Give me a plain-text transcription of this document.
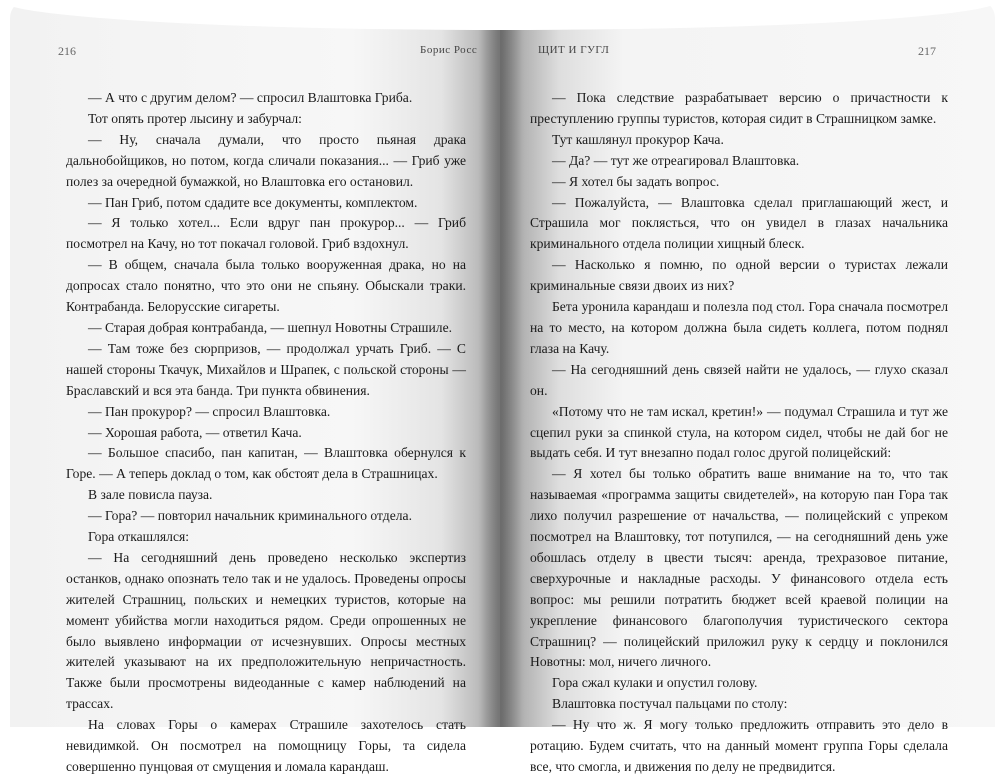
216	Борис Росс

— А что с другим делом? — спросил Влаштовка Гриба.

Тот опять протер лысину и забурчал:

— Ну, сначала думали, что просто пьяная драка дальнобойщиков, но потом, когда сличали показания... — Гриб уже полез за очередной бумажкой, но Влаштовка его остановил.

— Пан Гриб, потом сдадите все документы, комплектом.

— Я только хотел... Если вдруг пан прокурор... — Гриб посмотрел на Качу, но тот покачал головой. Гриб вздохнул.

— В общем, сначала была только вооруженная драка, но на допросах стало понятно, что это они не спьяну. Обыскали траки. Контрабанда. Белорусские сигареты.

— Старая добрая контрабанда, — шепнул Новотны Страшиле.

— Там тоже без сюрпризов, — продолжал урчать Гриб. — С нашей стороны Ткачук, Михайлов и Шрапек, с польской стороны — Браславский и вся эта банда. Три пункта обвинения.

— Пан прокурор? — спросил Влаштовка.

— Хорошая работа, — ответил Кача.

— Большое спасибо, пан капитан, — Влаштовка обернулся к Горе. — А теперь доклад о том, как обстоят дела в Страшницах.

В зале повисла пауза.

— Гора? — повторил начальник криминального отдела.

Гора откашлялся:

— На сегодняшний день проведено несколько экспертиз останков, однако опознать тело так и не удалось. Проведены опросы жителей Страшниц, польских и немецких туристов, которые на момент убийства могли находиться рядом. Среди опрошенных не было выявлено информации от исчезнувших. Опросы местных жителей указывают на их предположительную непричастность. Также были просмотрены видеоданные с камер наблюдений на трассах.

На словах Горы о камерах Страшиле захотелось стать невидимкой. Он посмотрел на помощницу Горы, та сидела совершенно пунцовая от смущения и ломала карандаш.

ЩИТ И ГУГЛ	217

— Пока следствие разрабатывает версию о причастности к преступлению группы туристов, которая сидит в Страшницком замке.

Тут кашлянул прокурор Кача.

— Да? — тут же отреагировал Влаштовка.

— Я хотел бы задать вопрос.

— Пожалуйста, — Влаштовка сделал приглашающий жест, и Страшила мог поклясться, что он увидел в глазах начальника криминального отдела полиции хищный блеск.

— Насколько я помню, по одной версии о туристах лежали криминальные связи двоих из них?

Бета уронила карандаш и полезла под стол. Гора сначала посмотрел на то место, на котором должна была сидеть коллега, потом поднял глаза на Качу.

— На сегодняшний день связей найти не удалось, — глухо сказал он.

«Потому что не там искал, кретин!» — подумал Страшила и тут же сцепил руки за спинкой стула, на котором сидел, чтобы не дай бог не выдать себя. И тут внезапно подал голос другой полицейский:

— Я хотел бы только обратить ваше внимание на то, что так называемая «программа защиты свидетелей», на которую пан Гора так лихо получил разрешение от начальства, — полицейский с упреком посмотрел на Влаштовку, тот потупился, — на сегодняшний день уже обошлась отделу в цвести тысяч: аренда, трехразовое питание, сверхурочные и накладные расходы. У финансового отдела есть вопрос: мы решили потратить бюджет всей краевой полиции на укрепление финансового благополучия туристического сектора Страшниц? — полицейский приложил руку к сердцу и поклонился Новотны: мол, ничего личного.

Гора сжал кулаки и опустил голову.

Влаштовка постучал пальцами по столу:

— Ну что ж. Я могу только предложить отправить это дело в ротацию. Будем считать, что на данный момент группа Горы сделала все, что смогла, и движения по делу не предвидится.
